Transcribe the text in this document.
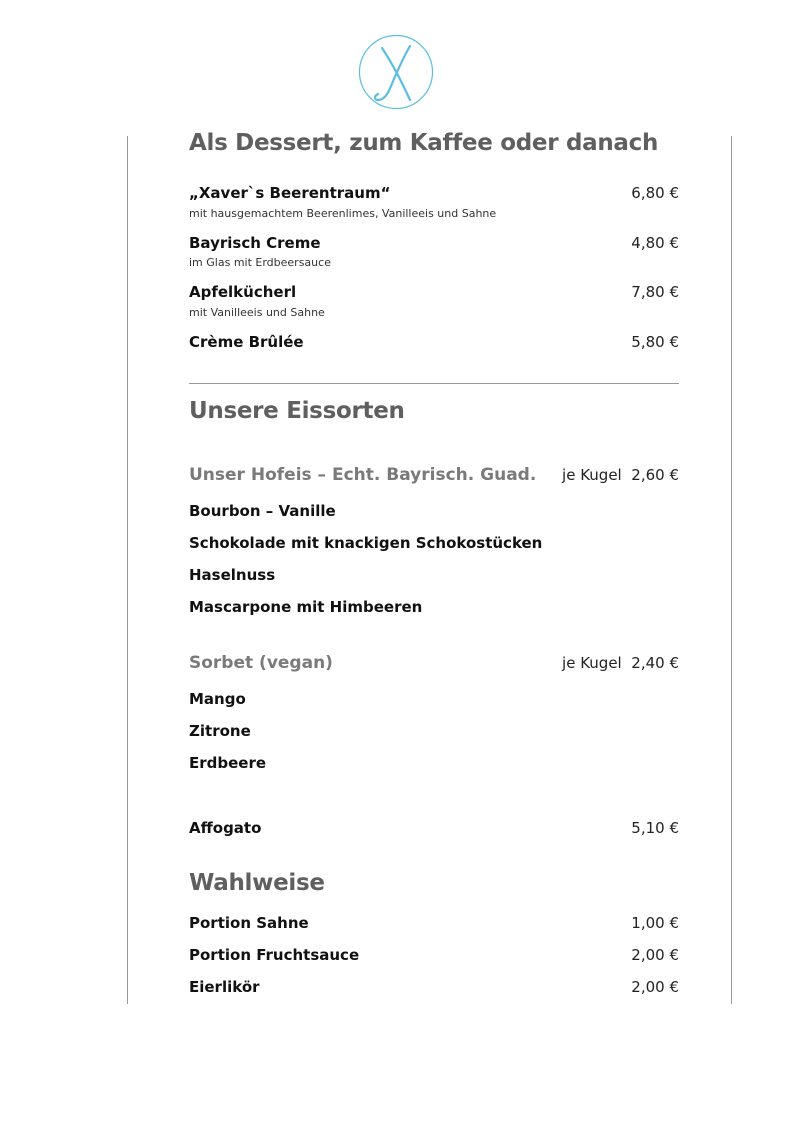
Als Dessert, zum Kaffee oder danach
„Xaver`s Beerentraum“	6,80 €
mit hausgemachtem Beerenlimes, Vanilleeis und Sahne
Bayrisch Creme	4,80 €
im Glas mit Erdbeersauce
Apfelkücherl	7,80 €
mit Vanilleeis und Sahne
Crème Brûlée	5,80 €
Unsere Eissorten
Unser Hofeis – Echt. Bayrisch. Guad. je Kugel 2,60 €
Bourbon – Vanille
Schokolade mit knackigen Schokostücken
Haselnuss
Mascarpone mit Himbeeren
Sorbet (vegan)	je Kugel 2,40 €
Mango
Zitrone
Erdbeere
Affogato	5,10 €
Wahlweise
Portion Sahne	1,00 €
Portion Fruchtsauce	2,00 €
Eierlikör	2,00 €
